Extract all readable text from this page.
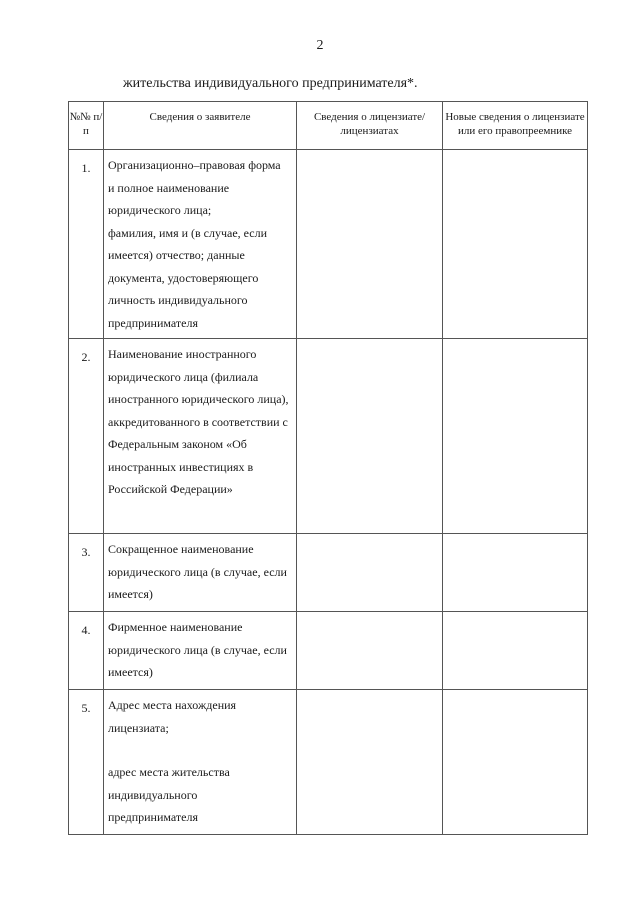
2
жительства индивидуального предпринимателя*.
№№ п/п	Сведения о заявителе	Сведения о лицензиате/лицензиатах	Новые сведения о лицензиате или его правопреемнике
1.	Организационно–правовая форма и полное наименование юридического лица;

фамилия, имя и (в случае, если имеется) отчество; данные документа, удостоверяющего личность индивидуального предпринимателя		

2.	Наименование иностранного юридического лица (филиала иностранного юридического лица), аккредитованного в соответствии с Федеральным законом «Об иностранных инвестициях в Российской Федерации»		

3.	Сокращенное наименование юридического лица (в случае, если имеется)		

4.	Фирменное наименование юридического лица (в случае, если имеется)		

5.	Адрес места нахождения лицензиата;

адрес места жительства индивидуального предпринимателя		
